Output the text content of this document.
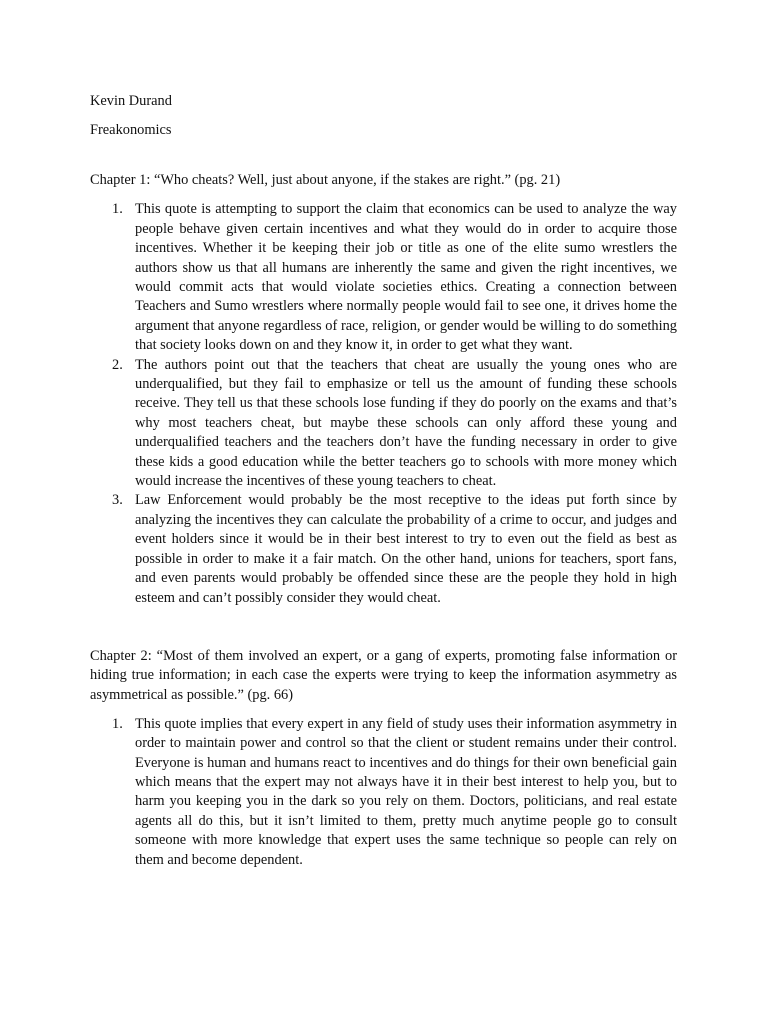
Kevin Durand

Freakonomics

Chapter 1: “Who cheats? Well, just about anyone, if the stakes are right.” (pg. 21)

1. This quote is attempting to support the claim that economics can be used to analyze the way people behave given certain incentives and what they would do in order to acquire those incentives. Whether it be keeping their job or title as one of the elite sumo wrestlers the authors show us that all humans are inherently the same and given the right incentives, we would commit acts that would violate societies ethics. Creating a connection between Teachers and Sumo wrestlers where normally people would fail to see one, it drives home the argument that anyone regardless of race, religion, or gender would be willing to do something that society looks down on and they know it, in order to get what they want.
2. The authors point out that the teachers that cheat are usually the young ones who are underqualified, but they fail to emphasize or tell us the amount of funding these schools receive. They tell us that these schools lose funding if they do poorly on the exams and that’s why most teachers cheat, but maybe these schools can only afford these young and underqualified teachers and the teachers don’t have the funding necessary in order to give these kids a good education while the better teachers go to schools with more money which would increase the incentives of these young teachers to cheat.
3. Law Enforcement would probably be the most receptive to the ideas put forth since by analyzing the incentives they can calculate the probability of a crime to occur, and judges and event holders since it would be in their best interest to try to even out the field as best as possible in order to make it a fair match. On the other hand, unions for teachers, sport fans, and even parents would probably be offended since these are the people they hold in high esteem and can’t possibly consider they would cheat.

Chapter 2: “Most of them involved an expert, or a gang of experts, promoting false information or hiding true information; in each case the experts were trying to keep the information asymmetry as asymmetrical as possible.” (pg. 66)

1. This quote implies that every expert in any field of study uses their information asymmetry in order to maintain power and control so that the client or student remains under their control. Everyone is human and humans react to incentives and do things for their own beneficial gain which means that the expert may not always have it in their best interest to help you, but to harm you keeping you in the dark so you rely on them. Doctors, politicians, and real estate agents all do this, but it isn’t limited to them, pretty much anytime people go to consult someone with more knowledge that expert uses the same technique so people can rely on them and become dependent.
